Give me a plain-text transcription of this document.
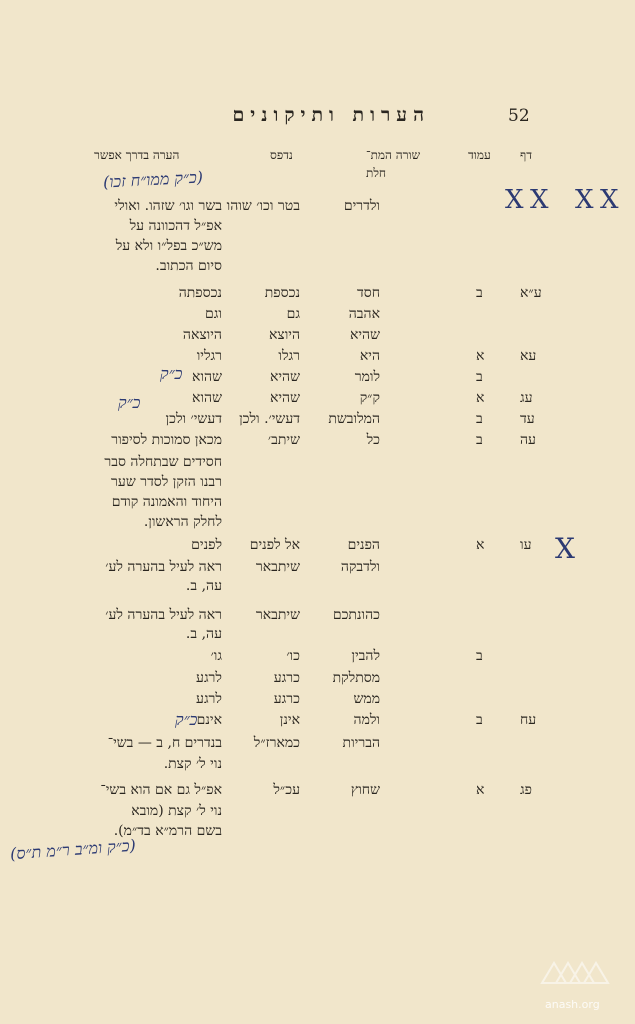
52
הערות ותיקונים
דף
עמוד
שורה המת־
חלת
נדפס
הערה בדרך אפשר
ולדרים
בטר וכו׳ שוהו
בשר וגו׳ שזהו. ואולי
ע״א
ב
חסד
נכספת
נכספתה
אהבה
גם
וגם
שהיא
היוצא
היוצאה
עא
א
היא
רגלו
רגליו
ב
לומר
שהיא
שהוא
עג
א
ק״ק
שהיא
שהוא
עד
ב
המלובשת
דעשי׳. ולכן
דעשי׳ ולכן
עה
ב
כל
שיתב׳
מכאן סמוכות לסיפור
עו
א
הפנים
אל לפנים
לפנים
ולדבקה
שיתבאר
ראה לעיל בהערה לע׳
כהונתכם
שיתבאר
ראה לעיל בהערה לע׳
ב
להבין
כו׳
גו׳
מסתלקת
כרגע
לרגע
ממש
כרגע
לרגע
עח
ב
ולמה
אינן
אינם
הבריות
כמארז״ל
בנדרים ח, ב — בשי־
פג
א
שחוץ
עכ״ל
אפ״ל גם אם הוא בשי־
אפ״ל דהכוונה על
מש״כ בפל״ו ולא על
סיום הכתוב.
חסידים שבתחלה סבר
רבנו הזקן לסדר שער
היחוד והאמונה קודם
לחלק הראשון.
עה, ב.
עה, ב.
נוי ל׳ קצת.
נוי ל׳ קצת (מובא
בשם הרמ״א בד״מ).
(כ״ק ממו״ח זכו)
כ״ק
כ״ק
כ״ק
(כ״ק ומ״ב ר״מ ת״ס)
X X X X
X
anash.org
